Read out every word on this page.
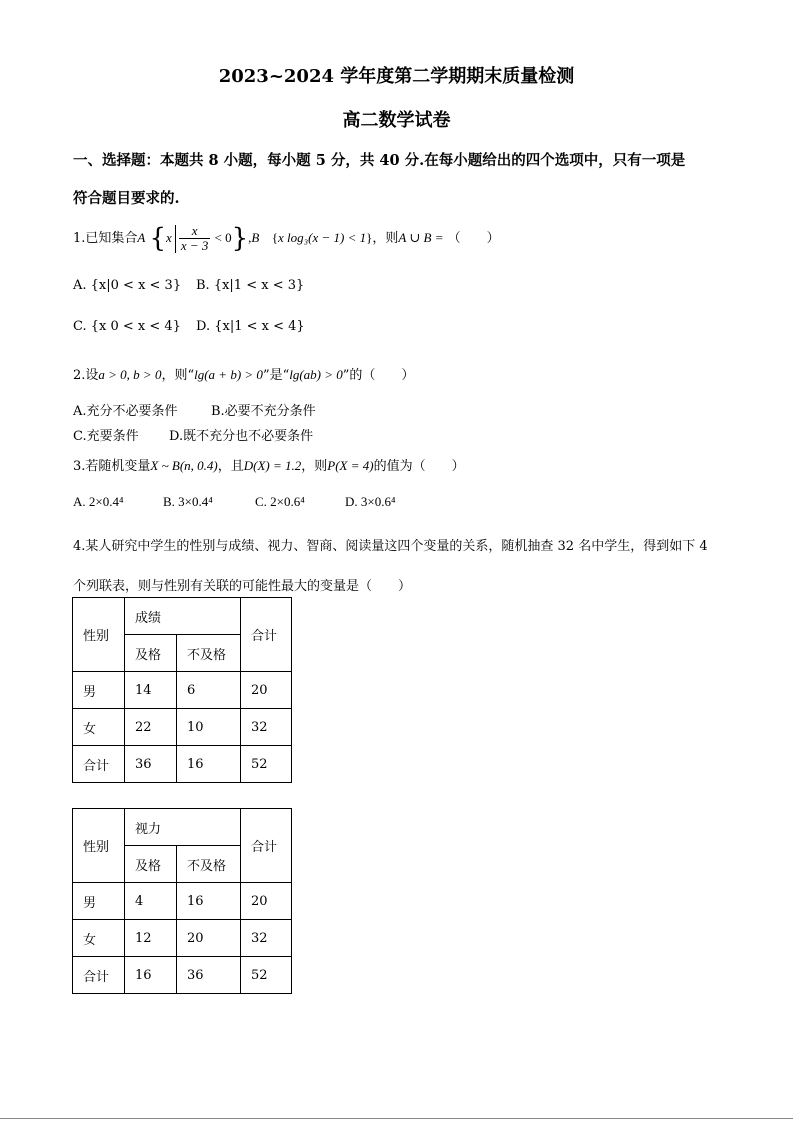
2023~2024 学年度第二学期期末质量检测
高二数学试卷
一、选择题：本题共 8 小题，每小题 5 分，共 40 分.在每小题给出的四个选项中，只有一项是
符合题目要求的.
1.已知集合A $\{x \frac{x}{x - 3} < 0\},B$ {x log₃(x − 1) < 1}，则A ∪ B = （　　）
A. {x|0 < x < 3} B. {x|1 < x < 3}
C. {x 0 < x < 4} D. {x|1 < x < 4}
2.设a > 0, b > 0，则“lg(a + b) > 0”是“lg(ab) > 0”的（　　）
A.充分不必要条件	B.必要不充分条件
C.充要条件 D.既不充分也不必要条件
3.若随机变量X ~ B(n, 0.4)，且D(X) = 1.2，则P(X = 4)的值为（　　）
A. 2×0.4⁴	B. 3×0.4⁴	C. 2×0.6⁴	D. 3×0.6⁴
4.某人研究中学生的性别与成绩、视力、智商、阅读量这四个变量的关系，随机抽查 32 名中学生，得到如下 4
个列联表，则与性别有关联的可能性最大的变量是（　　）
性别	成绩		合计
	及格	不及格	
男	14	6	20
女	22	10	32
合计	36	16	52
性别	视力		合计
	及格	不及格	
男	4	16	20
女	12	20	32
合计	16	36	52
